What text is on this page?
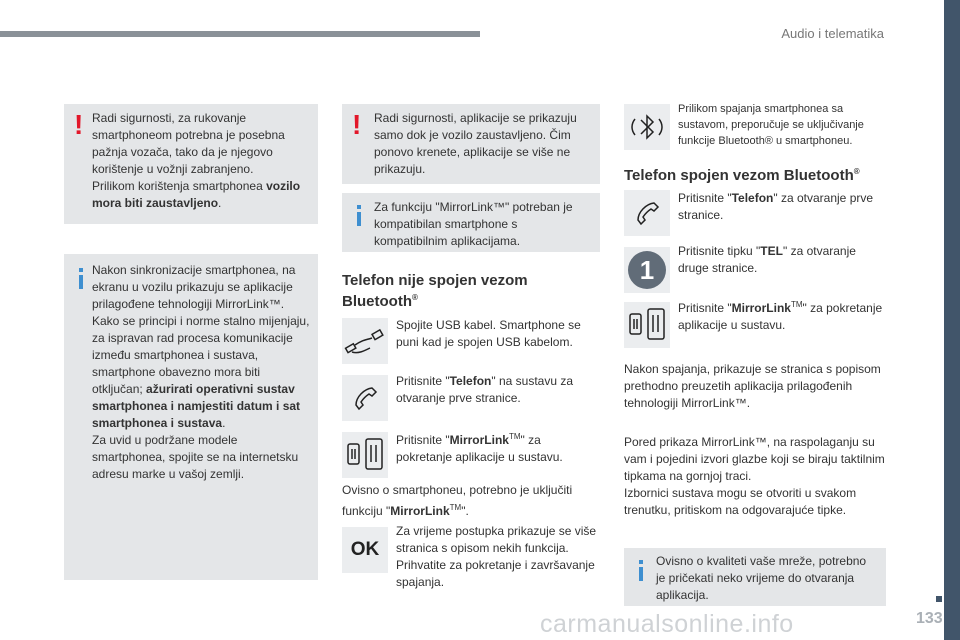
Audio i telematika
133
carmanualsonline.info
! Radi sigurnosti, za rukovanje smartphoneom potrebna je posebna pažnja vozača, tako da je njegovo korištenje u vožnji zabranjeno.
Prilikom korištenja smartphonea vozilo mora biti zaustavljeno.

Nakon sinkronizacije smartphonea, na ekranu u vozilu prikazuju se aplikacije prilagođene tehnologiji MirrorLink™. Kako se principi i norme stalno mijenjaju, za ispravan rad procesa komunikacije između smartphonea i sustava, smartphone obavezno mora biti otključan; ažurirati operativni sustav smartphonea i namjestiti datum i sat smartphonea i sustava.
Za uvid u podržane modele smartphonea, spojite se na internetsku adresu marke u vašoj zemlji.

! Radi sigurnosti, aplikacije se prikazuju samo dok je vozilo zaustavljeno. Čim ponovo krenete, aplikacije se više ne prikazuju.

Za funkciju "MirrorLink™" potreban je kompatibilan smartphone s kompatibilnim aplikacijama.

Telefon nije spojen vezom Bluetooth®

Spojite USB kabel. Smartphone se puni kad je spojen USB kabelom.

Pritisnite "Telefon" na sustavu za otvaranje prve stranice.

Pritisnite "MirrorLink™" za pokretanje aplikacije u sustavu.

Ovisno o smartphoneu, potrebno je uključiti funkciju "MirrorLink™".

OK

Za vrijeme postupka prikazuje se više stranica s opisom nekih funkcija. Prihvatite za pokretanje i završavanje spajanja.

Prilikom spajanja smartphonea sa sustavom, preporučuje se uključivanje funkcije Bluetooth® u smartphoneu.

Telefon spojen vezom Bluetooth®

Pritisnite "Telefon" za otvaranje prve stranice.

1

Pritisnite tipku "TEL" za otvaranje druge stranice.

Pritisnite "MirrorLink™" za pokretanje aplikacije u sustavu.

Nakon spajanja, prikazuje se stranica s popisom prethodno preuzetih aplikacija prilagođenih tehnologiji MirrorLink™.

Pored prikaza MirrorLink™, na raspolaganju su vam i pojedini izvori glazbe koji se biraju taktilnim tipkama na gornjoj traci.
Izbornici sustava mogu se otvoriti u svakom trenutku, pritiskom na odgovarajuće tipke.

Ovisno o kvaliteti vaše mreže, potrebno je pričekati neko vrijeme do otvaranja aplikacija.
